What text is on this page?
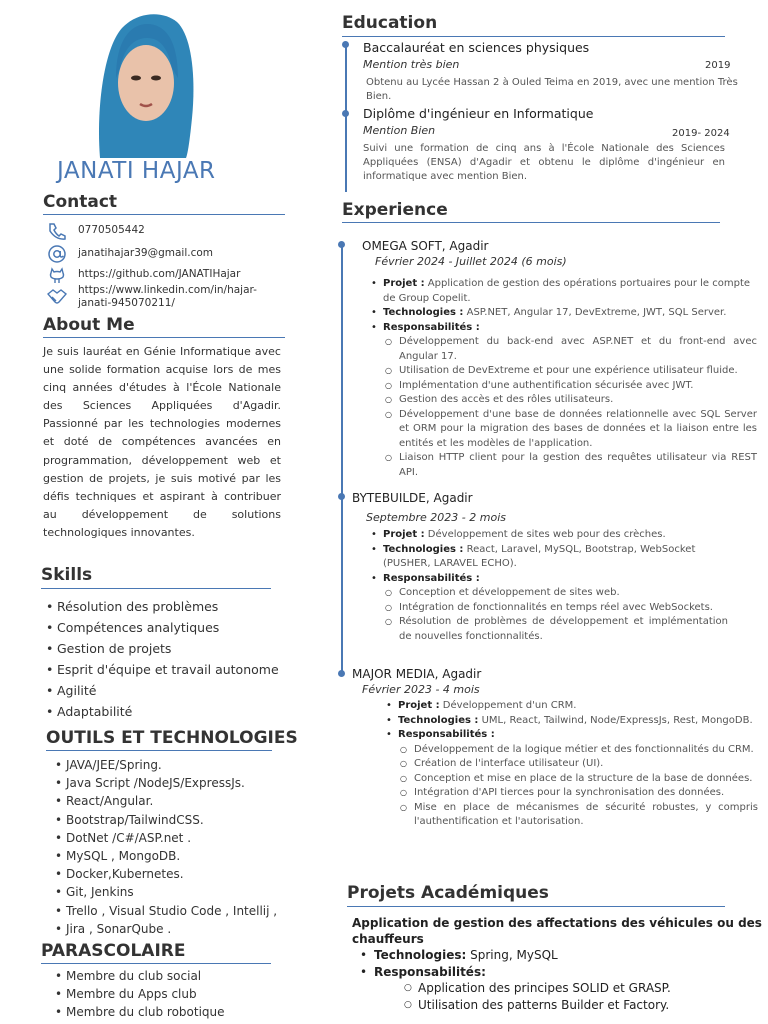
JANATI HAJAR
Contact
0770505442
janatihajar39@gmail.com
https://github.com/JANATIHajar
https://www.linkedin.com/in/hajar-
janati-945070211/
About Me
Je suis lauréat en Génie Informatique avec une solide formation acquise lors de mes cinq années d'études à l'École Nationale des Sciences Appliquées d'Agadir. Passionné par les technologies modernes et doté de compétences avancées en programmation, développement web et gestion de projets, je suis motivé par les défis techniques et aspirant à contribuer au développement de solutions technologiques innovantes.
Skills
• Résolution des problèmes
• Compétences analytiques
• Gestion de projets
• Esprit d'équipe et travail autonome
• Agilité
• Adaptabilité
OUTILS ET TECHNOLOGIES
• JAVA/JEE/Spring.
• Java Script /NodeJS/ExpressJs.
• React/Angular.
• Bootstrap/TailwindCSS.
• DotNet /C#/ASP.net .
• MySQL , MongoDB.
• Docker,Kubernetes.
• Git, Jenkins
• Trello , Visual Studio Code , Intellij ,
• Jira , SonarQube .
PARASCOLAIRE
• Membre du club social
• Membre du Apps club
• Membre du club robotique
Education
Baccalauréat en sciences physiques
Mention très bien	2019
Obtenu au Lycée Hassan 2 à Ouled Teima en 2019, avec une mention Très Bien.
Diplôme d'ingénieur en Informatique
Mention Bien	2019- 2024
Suivi une formation de cinq ans à l'École Nationale des Sciences Appliquées (ENSA) d'Agadir et obtenu le diplôme d'ingénieur en informatique avec mention Bien.
Experience
OMEGA SOFT, Agadir
Février 2024 - Juillet 2024 (6 mois)
• Projet : Application de gestion des opérations portuaires pour le compte de Group Copelit.
• Technologies : ASP.NET, Angular 17, DevExtreme, JWT, SQL Server.
• Responsabilités :
○ Développement du back-end avec ASP.NET et du front-end avec Angular 17.
○ Utilisation de DevExtreme et pour une expérience utilisateur fluide.
○ Implémentation d'une authentification sécurisée avec JWT.
○ Gestion des accès et des rôles utilisateurs.
○ Développement d'une base de données relationnelle avec SQL Server et ORM pour la migration des bases de données et la liaison entre les entités et les modèles de l'application.
○ Liaison HTTP client pour la gestion des requêtes utilisateur via REST API.
BYTEBUILDE, Agadir
Septembre 2023 - 2 mois
• Projet : Développement de sites web pour des crèches.
• Technologies : React, Laravel, MySQL, Bootstrap, WebSocket (PUSHER, LARAVEL ECHO).
• Responsabilités :
○ Conception et développement de sites web.
○ Intégration de fonctionnalités en temps réel avec WebSockets.
○ Résolution de problèmes de développement et implémentation de nouvelles fonctionnalités.
MAJOR MEDIA, Agadir
Février 2023 - 4 mois
• Projet : Développement d'un CRM.
• Technologies : UML, React, Tailwind, Node/ExpressJs, Rest, MongoDB.
• Responsabilités :
○ Développement de la logique métier et des fonctionnalités du CRM.
○ Création de l'interface utilisateur (UI).
○ Conception et mise en place de la structure de la base de données.
○ Intégration d'API tierces pour la synchronisation des données.
○ Mise en place de mécanismes de sécurité robustes, y compris l'authentification et l'autorisation.
Projets Académiques
Application de gestion des affectations des véhicules ou des chauffeurs
• Technologies: Spring, MySQL
• Responsabilités:
○ Application des principes SOLID et GRASP.
○ Utilisation des patterns Builder et Factory.
